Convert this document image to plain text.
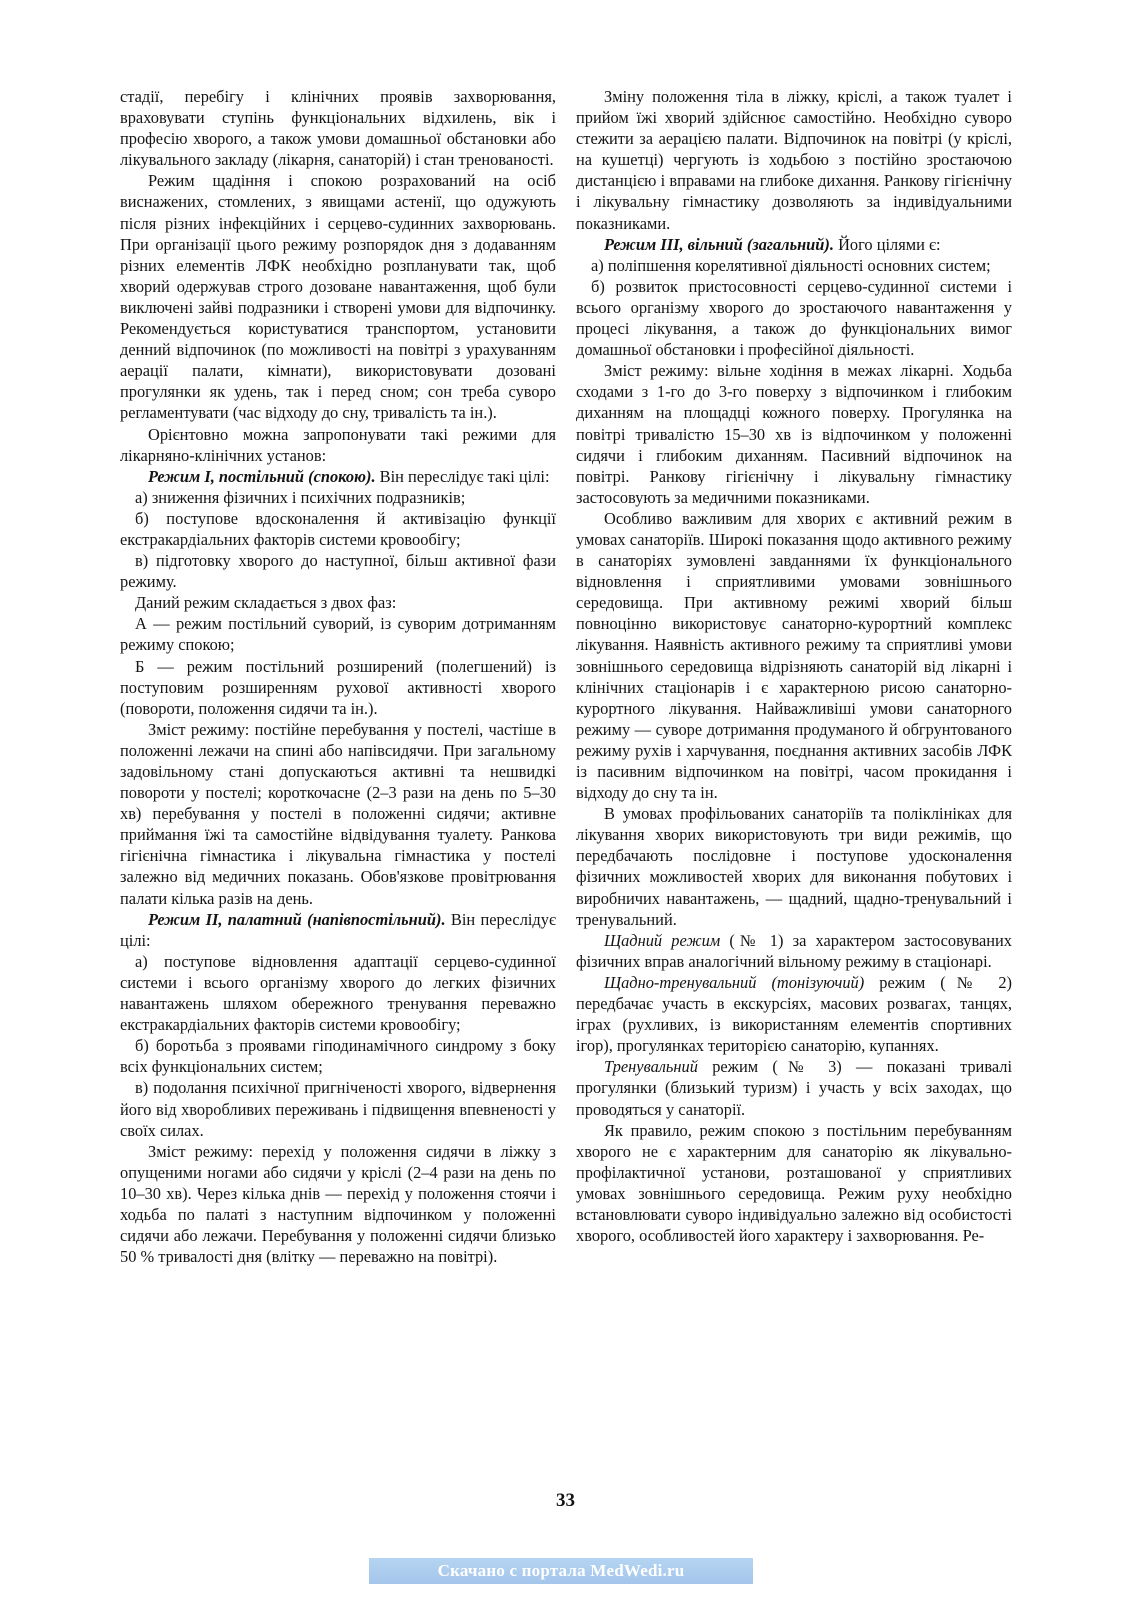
стадії, перебігу і клінічних проявів захворювання, враховувати ступінь функціональних відхилень, вік і професію хворого, а також умови домашньої обстановки або лікувального закладу (лікарня, санаторій) і стан тренованості.

Режим щадіння і спокою розрахований на осіб виснажених, стомлених, з явищами астенії, що одужують після різних інфекційних і серцево-судинних захворювань. При організації цього режиму розпорядок дня з додаванням різних елементів ЛФК необхідно розпланувати так, щоб хворий одержував строго дозоване навантаження, щоб були виключені зайві подразники і створені умови для відпочинку. Рекомендується користуватися транспортом, установити денний відпочинок (по можливості на повітрі з урахуванням аерації палати, кімнати), використовувати дозовані прогулянки як удень, так і перед сном; сон треба суворо регламентувати (час відходу до сну, тривалість та ін.).

Орієнтовно можна запропонувати такі режими для лікарняно-клінічних установ:

Режим І, постільний (спокою). Він переслідує такі цілі:

а) зниження фізичних і психічних подразників;

б) поступове вдосконалення й активізацію функції екстракардіальних факторів системи кровообігу;

в) підготовку хворого до наступної, більш активної фази режиму.

Даний режим складається з двох фаз:

А — режим постільний суворий, із суворим дотриманням режиму спокою;

Б — режим постільний розширений (полегшений) із поступовим розширенням рухової активності хворого (повороти, положення сидячи та ін.).

Зміст режиму: постійне перебування у постелі, частіше в положенні лежачи на спині або напівсидячи. При загальному задовільному стані допускаються активні та нешвидкі повороти у постелі; короткочасне (2–3 рази на день по 5–30 хв) перебування у постелі в положенні сидячи; активне приймання їжі та самостійне відвідування туалету. Ранкова гігієнічна гімнастика і лікувальна гімнастика у постелі залежно від медичних показань. Обов'язкове провітрювання палати кілька разів на день.

Режим II, палатний (напівпостільний). Він переслідує цілі:

а) поступове відновлення адаптації серцево-судинної системи і всього організму хворого до легких фізичних навантажень шляхом обережного тренування переважно екстракардіальних факторів системи кровообігу;

б) боротьба з проявами гіподинамічного синдрому з боку всіх функціональних систем;

в) подолання психічної пригніченості хворого, відвернення його від хворобливих переживань і підвищення впевненості у своїх силах.

Зміст режиму: перехід у положення сидячи в ліжку з опущеними ногами або сидячи у кріслі (2–4 рази на день по 10–30 хв). Через кілька днів — перехід у положення стоячи і ходьба по палаті з наступним відпочинком у положенні сидячи або лежачи. Перебування у положенні сидячи близько 50 % тривалості дня (влітку — переважно на повітрі).

Зміну положення тіла в ліжку, кріслі, а також туалет і прийом їжі хворий здійснює самостійно. Необхідно суворо стежити за аерацією палати. Відпочинок на повітрі (у кріслі, на кушетці) чергують із ходьбою з постійно зростаючою дистанцією і вправами на глибоке дихання. Ранкову гігієнічну і лікувальну гімнастику дозволяють за індивідуальними показниками.

Режим III, вільний (загальний). Його цілями є:

а) поліпшення корелятивної діяльності основних систем;

б) розвиток пристосовності серцево-судинної системи і всього організму хворого до зростаючого навантаження у процесі лікування, а також до функціональних вимог домашньої обстановки і професійної діяльності.

Зміст режиму: вільне ходіння в межах лікарні. Ходьба сходами з 1-го до 3-го поверху з відпочинком і глибоким диханням на площадці кожного поверху. Прогулянка на повітрі тривалістю 15–30 хв із відпочинком у положенні сидячи і глибоким диханням. Пасивний відпочинок на повітрі. Ранкову гігієнічну і лікувальну гімнастику застосовують за медичними показниками.

Особливо важливим для хворих є активний режим в умовах санаторіїв. Широкі показання щодо активного режиму в санаторіях зумовлені завданнями їх функціонального відновлення і сприятливими умовами зовнішнього середовища. При активному режимі хворий більш повноцінно використовує санаторно-курортний комплекс лікування. Наявність активного режиму та сприятливі умови зовнішнього середовища відрізняють санаторій від лікарні і клінічних стаціонарів і є характерною рисою санаторно-курортного лікування. Найважливіші умови санаторного режиму — суворе дотримання продуманого й обгрунтованого режиму рухів і харчування, поєднання активних засобів ЛФК із пасивним відпочинком на повітрі, часом прокидання і відходу до сну та ін.

В умовах профільованих санаторіїв та поліклініках для лікування хворих використовують три види режимів, що передбачають послідовне і поступове удосконалення фізичних можливостей хворих для виконання побутових і виробничих навантажень, — щадний, щадно-тренувальний і тренувальний.

Щадний режим (№ 1) за характером застосовуваних фізичних вправ аналогічний вільному режиму в стаціонарі.

Щадно-тренувальний (тонізуючий) режим (№ 2) передбачає участь в екскурсіях, масових розвагах, танцях, іграх (рухливих, із використанням елементів спортивних ігор), прогулянках територією санаторію, купаннях.

Тренувальний режим (№ 3) — показані тривалі прогулянки (близький туризм) і участь у всіх заходах, що проводяться у санаторії.

Як правило, режим спокою з постільним перебуванням хворого не є характерним для санаторію як лікувально-профілактичної установи, розташованої у сприятливих умовах зовнішнього середовища. Режим руху необхідно встановлювати суворо індивідуально залежно від особистості хворого, особливостей його характеру і захворювання. Ре-

33
Скачано с портала MedWedi.ru
